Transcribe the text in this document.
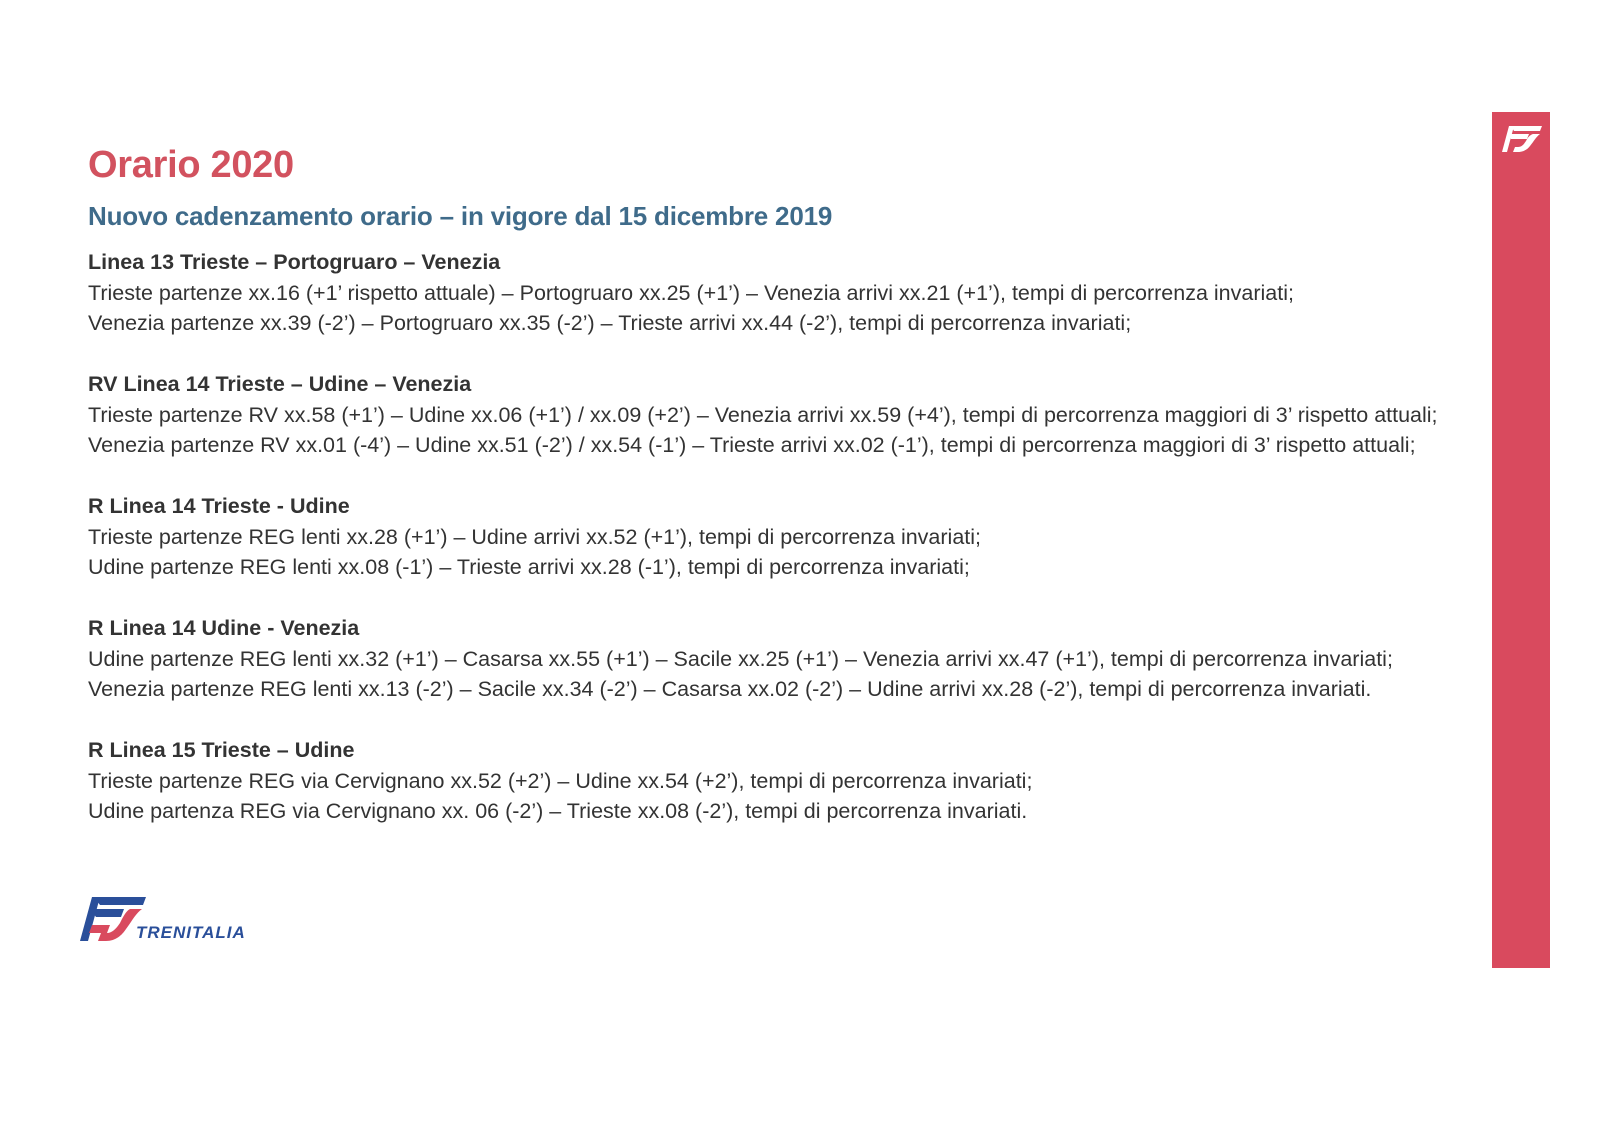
Orario 2020
Nuovo cadenzamento orario – in vigore dal 15 dicembre 2019

Linea 13 Trieste – Portogruaro – Venezia

Trieste partenze xx.16 (+1’ rispetto attuale) – Portogruaro xx.25 (+1’) – Venezia arrivi xx.21 (+1’), tempi di percorrenza invariati;

Venezia partenze xx.39 (-2’) – Portogruaro xx.35 (-2’) – Trieste arrivi xx.44 (-2’), tempi di percorrenza invariati;

RV Linea 14 Trieste – Udine – Venezia

Trieste partenze RV xx.58 (+1’) – Udine xx.06 (+1’) / xx.09 (+2’) – Venezia arrivi xx.59 (+4’), tempi di percorrenza maggiori di 3’ rispetto attuali;

Venezia partenze RV xx.01 (-4’) – Udine xx.51 (-2’) / xx.54 (-1’) – Trieste arrivi xx.02 (-1’), tempi di percorrenza maggiori di 3’ rispetto attuali;

R Linea 14 Trieste - Udine

Trieste partenze REG lenti xx.28 (+1’) – Udine arrivi xx.52 (+1’), tempi di percorrenza invariati;

Udine partenze REG lenti xx.08 (-1’) – Trieste arrivi xx.28 (-1’), tempi di percorrenza invariati;

R Linea 14 Udine - Venezia

Udine partenze REG lenti xx.32 (+1’) – Casarsa xx.55 (+1’) – Sacile xx.25 (+1’) – Venezia arrivi xx.47 (+1’), tempi di percorrenza invariati;

Venezia partenze REG lenti xx.13 (-2’) – Sacile xx.34 (-2’) – Casarsa xx.02 (-2’) – Udine arrivi xx.28 (-2’), tempi di percorrenza invariati.

R Linea 15 Trieste – Udine

Trieste partenze REG via Cervignano xx.52 (+2’) – Udine xx.54 (+2’), tempi di percorrenza invariati;

Udine partenza REG via Cervignano xx. 06 (-2’) – Trieste xx.08 (-2’), tempi di percorrenza invariati.

TRENITALIA
6
